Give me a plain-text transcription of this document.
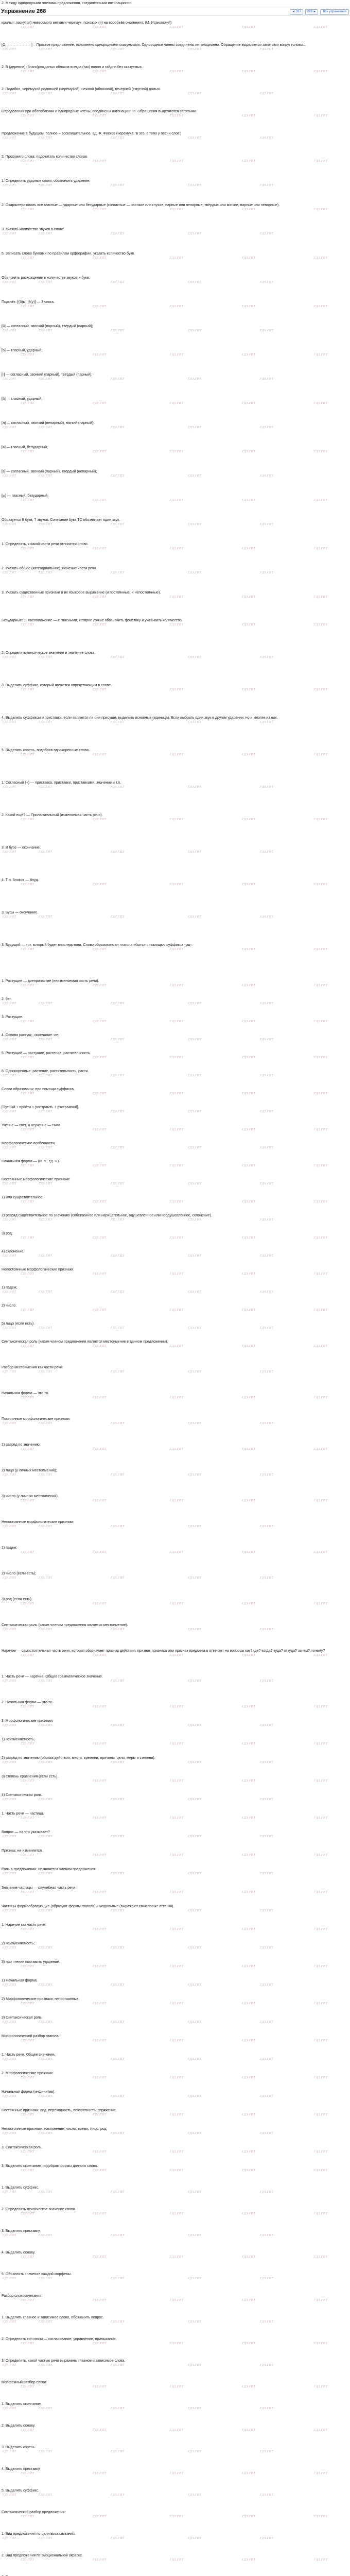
2. Между однородными членами предложения, соединёнными интонационно
Упражнение 268	◄ 267	269 ►	Все упражнения
крылья, ласкутся) невесомого ветками черемух, похожих (я) на воробьёв околениях. (М. Исаковский)
ГДЗ.ГИТ	ГДЗ.ГИТ	ГДЗ.ГИТ	ГДЗ.ГИТ	ГДЗ.ГИТ
[О, – – – – – – – – ] – Простое предложение, осложнено однородными сказуемыми. Однородные члены соединены интонационно. Обращение выделяется запятыми вокруг головы...
ГДЗ.ГИТ	ГДЗ.ГИТ	ГДЗ.ГИТ	ГДЗ.ГИТ
ГДЗ.ГИТ
2. В (деревне) (благо)рожданых облаков всегда (так) полон и гайдни без сказуемых.
ГДЗ.ГИТ	ГДЗ.ГИТ	ГДЗ.ГИТ	ГДЗ.ГИТ	ГДЗ.ГИТ
2. Подобно, черёмухой родившей (черёмухой), нежной (облачной), вечерней (смутной) далью.
ГДЗ.ГИТ	ГДЗ.ГИТ	ГДЗ.ГИТ	ГДЗ.ГИТ
ГДЗ.ГИТ
Определения при обособлении и однородные члены, соединены интонационно. Обращения выделяются запятыми.
ГДЗ.ГИТ	ГДЗ.ГИТ	ГДЗ.ГИТ	ГДЗ.ГИТ	ГДЗ.ГИТ
Предложение в будущем, полное – восклицательное, ед. Ф. Фосков (черёмуха: 'в это, в тело у песни слов')
ГДЗ.ГИТ	ГДЗ.ГИТ	ГДЗ.ГИТ	ГДЗ.ГИТ
ГДЗ.ГИТ
2. Прохожего слова: подсчитать количество слогов.
ГДЗ.ГИТ	ГДЗ.ГИТ	ГДЗ.ГИТ	ГДЗ.ГИТ	ГДЗ.ГИТ
1. Определить ударные слоги, обозначить ударение.
ГДЗ.ГИТ	ГДЗ.ГИТ	ГДЗ.ГИТ	ГДЗ.ГИТ
ГДЗ.ГИТ
2. Охарактеризовать все гласные — ударные или безударные (согласные — звонкие или глухие, парные или непарные; твёрдые или мягкие, парные или непарные).
ГДЗ.ГИТ	ГДЗ.ГИТ	ГДЗ.ГИТ	ГДЗ.ГИТ	ГДЗ.ГИТ
3. Указать количество звуков в слове.
ГДЗ.ГИТ	ГДЗ.ГИТ	ГДЗ.ГИТ	ГДЗ.ГИТ
ГДЗ.ГИТ
5. Записать слова буквами по правилам орфографии, указать количество букв.
ГДЗ.ГИТ	ГДЗ.ГИТ	ГДЗ.ГИТ	ГДЗ.ГИТ	ГДЗ.ГИТ
Объяснить расхождение в количестве звуков и букв.
ГДЗ.ГИТ	ГДЗ.ГИТ	ГДЗ.ГИТ	ГДЗ.ГИТ
ГДЗ.ГИТ
Подсчёт: [(б)ы] [й(у)] — 3 слога.
ГДЗ.ГИТ	ГДЗ.ГИТ	ГДЗ.ГИТ	ГДЗ.ГИТ	ГДЗ.ГИТ
[й] — согласный, звонкий (парный), твёрдый (парный);
ГДЗ.ГИТ	ГДЗ.ГИТ	ГДЗ.ГИТ	ГДЗ.ГИТ
ГДЗ.ГИТ
[о] — гласный, ударный;
ГДЗ.ГИТ	ГДЗ.ГИТ	ГДЗ.ГИТ	ГДЗ.ГИТ	ГДЗ.ГИТ
[г] — согласный, звонкий (парный), твёрдый (парный);
ГДЗ.ГИТ	ГДЗ.ГИТ	ГДЗ.ГИТ	ГДЗ.ГИТ
ГДЗ.ГИТ
[й] — гласный, ударный;
ГДЗ.ГИТ	ГДЗ.ГИТ	ГДЗ.ГИТ	ГДЗ.ГИТ	ГДЗ.ГИТ
[л] — согласный, звонкий (непарный), мягкий (парный);
ГДЗ.ГИТ	ГДЗ.ГИТ	ГДЗ.ГИТ	ГДЗ.ГИТ
ГДЗ.ГИТ
[а] — гласный, безударный;
ГДЗ.ГИТ	ГДЗ.ГИТ	ГДЗ.ГИТ	ГДЗ.ГИТ	ГДЗ.ГИТ
[в] — согласный, звонкий (парный), твёрдый (непарный);
ГДЗ.ГИТ	ГДЗ.ГИТ	ГДЗ.ГИТ	ГДЗ.ГИТ
ГДЗ.ГИТ
[ы] — гласный, безударный.
ГДЗ.ГИТ	ГДЗ.ГИТ	ГДЗ.ГИТ	ГДЗ.ГИТ	ГДЗ.ГИТ
Образуется 8 букв, 7 звуков. Сочетание букв ТС обозначает один звук.
ГДЗ.ГИТ	ГДЗ.ГИТ	ГДЗ.ГИТ	ГДЗ.ГИТ
ГДЗ.ГИТ
1. Определить, к какой части речи относится слово.
ГДЗ.ГИТ	ГДЗ.ГИТ	ГДЗ.ГИТ	ГДЗ.ГИТ	ГДЗ.ГИТ
2. Указать общее (категориальное) значение части речи.
ГДЗ.ГИТ	ГДЗ.ГИТ	ГДЗ.ГИТ	ГДЗ.ГИТ
ГДЗ.ГИТ
3. Указать существенные признаки и их языковое выражение (и постоянные, и непостоянные).
ГДЗ.ГИТ	ГДЗ.ГИТ	ГДЗ.ГИТ	ГДЗ.ГИТ	ГДЗ.ГИТ
Безударные: 1. Расположение — с гласными, которое лучше обозначить фонетику и указывать количество.
ГДЗ.ГИТ	ГДЗ.ГИТ	ГДЗ.ГИТ	ГДЗ.ГИТ	ГДЗ.ГИТ
2. Определить лексическое значение и значение слова.
ГДЗ.ГИТ	ГДЗ.ГИТ	ГДЗ.ГИТ	ГДЗ.ГИТ
ГДЗ.ГИТ
3. Выделить суффикс, который является определяющим в слове.
ГДЗ.ГИТ	ГДЗ.ГИТ	ГДЗ.ГИТ	ГДЗ.ГИТ	ГДЗ.ГИТ
4. Выделить суффиксы и приставки, если являются ли они присущи, выделить основные (единица). Если выбрать один звук в другом ударении, но и многие из них.
ГДЗ.ГИТ	ГДЗ.ГИТ	ГДЗ.ГИТ	ГДЗ.ГИТ
ГДЗ.ГИТ
5. Выделить корень, подобрав однокоренные слова.
ГДЗ.ГИТ	ГДЗ.ГИТ	ГДЗ.ГИТ	ГДЗ.ГИТ	ГДЗ.ГИТ
1. Согласный (+) — приставка, приставки, приставками, значение и т.п.
ГДЗ.ГИТ	ГДЗ.ГИТ	ГДЗ.ГИТ	ГДЗ.ГИТ
ГДЗ.ГИТ
2. Какой ещё? — Прилагательный (изменяемая часть речи).
ГДЗ.ГИТ	ГДЗ.ГИТ	ГДЗ.ГИТ	ГДЗ.ГИТ	ГДЗ.ГИТ
3. В бусе — окончание.
ГДЗ.ГИТ	ГДЗ.ГИТ	ГДЗ.ГИТ	ГДЗ.ГИТ
ГДЗ.ГИТ
4. Т н. блоков — блуд.
ГДЗ.ГИТ	ГДЗ.ГИТ	ГДЗ.ГИТ	ГДЗ.ГИТ	ГДЗ.ГИТ
3. Бусы — окончание.
ГДЗ.ГИТ	ГДЗ.ГИТ	ГДЗ.ГИТ	ГДЗ.ГИТ
ГДЗ.ГИТ
3. Будущий — тот, который будет впоследствии. Слово образовано от глагола «быть» с помощью суффикса -ущ-.
ГДЗ.ГИТ	ГДЗ.ГИТ	ГДЗ.ГИТ	ГДЗ.ГИТ	ГДЗ.ГИТ
1. Растущие — диепричастие (неизменяемая часть речи).
ГДЗ.ГИТ	ГДЗ.ГИТ	ГДЗ.ГИТ	ГДЗ.ГИТ	ГДЗ.ГИТ
2. бег.
ГДЗ.ГИТ	ГДЗ.ГИТ	ГДЗ.ГИТ	ГДЗ.ГИТ
ГДЗ.ГИТ
3. Растущие.
ГДЗ.ГИТ	ГДЗ.ГИТ	ГДЗ.ГИТ	ГДЗ.ГИТ	ГДЗ.ГИТ
4. Основа растущ-, окончание -ие.
ГДЗ.ГИТ	ГДЗ.ГИТ	ГДЗ.ГИТ	ГДЗ.ГИТ
ГДЗ.ГИТ
5. Растущий — растущие, растение, растительность.
ГДЗ.ГИТ	ГДЗ.ГИТ	ГДЗ.ГИТ	ГДЗ.ГИТ	ГДЗ.ГИТ
6. Однокоренные: растение, растительность, расти.
ГДЗ.ГИТ	ГДЗ.ГИТ	ГДЗ.ГИТ	ГДЗ.ГИТ
ГДЗ.ГИТ
Слова образованы: при помощи суффикса.
ГДЗ.ГИТ	ГДЗ.ГИТ	ГДЗ.ГИТ	ГДЗ.ГИТ	ГДЗ.ГИТ
[Путный + прийти + рос'трамть + рястрамвой].
ГДЗ.ГИТ	ГДЗ.ГИТ	ГДЗ.ГИТ	ГДЗ.ГИТ
ГДЗ.ГИТ
Ученье — свет, а неученье — тьма.
ГДЗ.ГИТ	ГДЗ.ГИТ	ГДЗ.ГИТ	ГДЗ.ГИТ	ГДЗ.ГИТ
Морфологические особенности
ГДЗ.ГИТ	ГДЗ.ГИТ	ГДЗ.ГИТ	ГДЗ.ГИТ
ГДЗ.ГИТ
Начальная форма — (И. п., ед. ч.).
ГДЗ.ГИТ	ГДЗ.ГИТ	ГДЗ.ГИТ	ГДЗ.ГИТ	ГДЗ.ГИТ
Постоянные морфологические признаки:
ГДЗ.ГИТ	ГДЗ.ГИТ	ГДЗ.ГИТ	ГДЗ.ГИТ
ГДЗ.ГИТ
1) имя существительное;
ГДЗ.ГИТ	ГДЗ.ГИТ	ГДЗ.ГИТ	ГДЗ.ГИТ	ГДЗ.ГИТ
2) разряд существительное по значению (собственное или нарицательное, одушевлённое или неодушевлённое, склонение).
ГДЗ.ГИТ	ГДЗ.ГИТ	ГДЗ.ГИТ	ГДЗ.ГИТ
ГДЗ.ГИТ
3) род;
ГДЗ.ГИТ	ГДЗ.ГИТ	ГДЗ.ГИТ	ГДЗ.ГИТ	ГДЗ.ГИТ
4) склонение.
ГДЗ.ГИТ	ГДЗ.ГИТ	ГДЗ.ГИТ	ГДЗ.ГИТ
ГДЗ.ГИТ
Непостоянные морфологические признаки:
ГДЗ.ГИТ	ГДЗ.ГИТ	ГДЗ.ГИТ	ГДЗ.ГИТ	ГДЗ.ГИТ
1) падеж;
ГДЗ.ГИТ	ГДЗ.ГИТ	ГДЗ.ГИТ	ГДЗ.ГИТ
ГДЗ.ГИТ
2) число.
ГДЗ.ГИТ	ГДЗ.ГИТ	ГДЗ.ГИТ	ГДЗ.ГИТ	ГДЗ.ГИТ
5) лицо (если есть).
ГДЗ.ГИТ	ГДЗ.ГИТ	ГДЗ.ГИТ	ГДЗ.ГИТ
ГДЗ.ГИТ
Синтаксическая роль (каким членом предложения является местоимение в данном предложении).
ГДЗ.ГИТ	ГДЗ.ГИТ	ГДЗ.ГИТ	ГДЗ.ГИТ	ГДЗ.ГИТ
Разбор местоимения как части речи:
ГДЗ.ГИТ	ГДЗ.ГИТ	ГДЗ.ГИТ	ГДЗ.ГИТ
ГДЗ.ГИТ
Начальная форма — это то.
ГДЗ.ГИТ	ГДЗ.ГИТ	ГДЗ.ГИТ	ГДЗ.ГИТ	ГДЗ.ГИТ
Постоянные морфологические признаки:
ГДЗ.ГИТ	ГДЗ.ГИТ	ГДЗ.ГИТ	ГДЗ.ГИТ
ГДЗ.ГИТ
1) разряд по значению;
ГДЗ.ГИТ	ГДЗ.ГИТ	ГДЗ.ГИТ	ГДЗ.ГИТ	ГДЗ.ГИТ
2) лицо (у личных местоимений);
ГДЗ.ГИТ	ГДЗ.ГИТ	ГДЗ.ГИТ	ГДЗ.ГИТ
ГДЗ.ГИТ
3) число (у личных местоимений).
ГДЗ.ГИТ	ГДЗ.ГИТ	ГДЗ.ГИТ	ГДЗ.ГИТ	ГДЗ.ГИТ
Непостоянные морфологические признаки:
ГДЗ.ГИТ	ГДЗ.ГИТ	ГДЗ.ГИТ	ГДЗ.ГИТ
ГДЗ.ГИТ
1) падеж;
ГДЗ.ГИТ	ГДЗ.ГИТ	ГДЗ.ГИТ	ГДЗ.ГИТ	ГДЗ.ГИТ
2) число (если есть);
ГДЗ.ГИТ	ГДЗ.ГИТ	ГДЗ.ГИТ	ГДЗ.ГИТ
ГДЗ.ГИТ
3) род (если есть).
ГДЗ.ГИТ	ГДЗ.ГИТ	ГДЗ.ГИТ	ГДЗ.ГИТ	ГДЗ.ГИТ
Синтаксическая роль (каким членом предложения является местоимение).
ГДЗ.ГИТ	ГДЗ.ГИТ	ГДЗ.ГИТ	ГДЗ.ГИТ
ГДЗ.ГИТ
Наречие — самостоятельная часть речи, которая обозначает признак действия, признак признака или признак предмета и отвечает на вопросы как? где? когда? куда? откуда? зачем? почему?
ГДЗ.ГИТ	ГДЗ.ГИТ	ГДЗ.ГИТ	ГДЗ.ГИТ	ГДЗ.ГИТ
1. Часть речи — наречие. Общее грамматическое значение.
ГДЗ.ГИТ	ГДЗ.ГИТ	ГДЗ.ГИТ	ГДЗ.ГИТ
ГДЗ.ГИТ
2. Начальная форма — это то.
ГДЗ.ГИТ	ГДЗ.ГИТ	ГДЗ.ГИТ	ГДЗ.ГИТ	ГДЗ.ГИТ
3. Морфологические признаки:
ГДЗ.ГИТ	ГДЗ.ГИТ	ГДЗ.ГИТ	ГДЗ.ГИТ
ГДЗ.ГИТ
1) неизменяемость;
ГДЗ.ГИТ	ГДЗ.ГИТ	ГДЗ.ГИТ	ГДЗ.ГИТ	ГДЗ.ГИТ
2) разряд по значению (образа действия, места, времени, причины, цели, меры и степени).
ГДЗ.ГИТ	ГДЗ.ГИТ	ГДЗ.ГИТ	ГДЗ.ГИТ
ГДЗ.ГИТ
3) степень сравнения (если есть).
ГДЗ.ГИТ	ГДЗ.ГИТ	ГДЗ.ГИТ	ГДЗ.ГИТ	ГДЗ.ГИТ
4) Синтаксическая роль.
ГДЗ.ГИТ	ГДЗ.ГИТ	ГДЗ.ГИТ	ГДЗ.ГИТ
ГДЗ.ГИТ
1. Часть речи — частица.
ГДЗ.ГИТ	ГДЗ.ГИТ	ГДЗ.ГИТ	ГДЗ.ГИТ	ГДЗ.ГИТ
Вопрос — на что указывает?
ГДЗ.ГИТ	ГДЗ.ГИТ	ГДЗ.ГИТ	ГДЗ.ГИТ
ГДЗ.ГИТ
Признак: не изменяется.
ГДЗ.ГИТ	ГДЗ.ГИТ	ГДЗ.ГИТ	ГДЗ.ГИТ	ГДЗ.ГИТ
Роль в предложении: не является членом предложения.
ГДЗ.ГИТ	ГДЗ.ГИТ	ГДЗ.ГИТ	ГДЗ.ГИТ
ГДЗ.ГИТ
Значение частицы — служебная часть речи.
ГДЗ.ГИТ	ГДЗ.ГИТ	ГДЗ.ГИТ	ГДЗ.ГИТ	ГДЗ.ГИТ
Частицы формообразующие (образуют формы глагола) и модальные (выражают смысловые оттенки).
ГДЗ.ГИТ	ГДЗ.ГИТ	ГДЗ.ГИТ	ГДЗ.ГИТ
ГДЗ.ГИТ
1. Наречие как часть речи:
ГДЗ.ГИТ	ГДЗ.ГИТ	ГДЗ.ГИТ	ГДЗ.ГИТ	ГДЗ.ГИТ
2) неизменяемость;
ГДЗ.ГИТ	ГДЗ.ГИТ	ГДЗ.ГИТ	ГДЗ.ГИТ
ГДЗ.ГИТ
3) при чтении поставить ударение.
ГДЗ.ГИТ	ГДЗ.ГИТ	ГДЗ.ГИТ	ГДЗ.ГИТ	ГДЗ.ГИТ
1) Начальная форма.
ГДЗ.ГИТ	ГДЗ.ГИТ	ГДЗ.ГИТ	ГДЗ.ГИТ
ГДЗ.ГИТ
2) Морфологические признаки: непостоянные.
ГДЗ.ГИТ	ГДЗ.ГИТ	ГДЗ.ГИТ	ГДЗ.ГИТ	ГДЗ.ГИТ
3) Синтаксическая роль.
ГДЗ.ГИТ	ГДЗ.ГИТ	ГДЗ.ГИТ	ГДЗ.ГИТ
ГДЗ.ГИТ
Морфологический разбор глагола:
ГДЗ.ГИТ	ГДЗ.ГИТ	ГДЗ.ГИТ	ГДЗ.ГИТ	ГДЗ.ГИТ
1. Часть речи. Общее значение.
ГДЗ.ГИТ	ГДЗ.ГИТ	ГДЗ.ГИТ	ГДЗ.ГИТ
ГДЗ.ГИТ
2. Морфологические признаки:
ГДЗ.ГИТ	ГДЗ.ГИТ	ГДЗ.ГИТ	ГДЗ.ГИТ	ГДЗ.ГИТ
Начальная форма (инфинитив).
ГДЗ.ГИТ	ГДЗ.ГИТ	ГДЗ.ГИТ	ГДЗ.ГИТ
ГДЗ.ГИТ
Постоянные признаки: вид, переходность, возвратность, спряжение.
ГДЗ.ГИТ	ГДЗ.ГИТ	ГДЗ.ГИТ	ГДЗ.ГИТ	ГДЗ.ГИТ
Непостоянные признаки: наклонение, число, время, лицо, род.
ГДЗ.ГИТ	ГДЗ.ГИТ	ГДЗ.ГИТ	ГДЗ.ГИТ
ГДЗ.ГИТ
3. Синтаксическая роль.
ГДЗ.ГИТ	ГДЗ.ГИТ	ГДЗ.ГИТ	ГДЗ.ГИТ	ГДЗ.ГИТ
3. Выделить окончание, подобрав формы данного слова.
ГДЗ.ГИТ	ГДЗ.ГИТ	ГДЗ.ГИТ	ГДЗ.ГИТ	ГДЗ.ГИТ
1. Выделить суффикс.
ГДЗ.ГИТ	ГДЗ.ГИТ	ГДЗ.ГИТ	ГДЗ.ГИТ
ГДЗ.ГИТ
2. Определить лексическое значение слова.
ГДЗ.ГИТ	ГДЗ.ГИТ	ГДЗ.ГИТ	ГДЗ.ГИТ	ГДЗ.ГИТ
3. Выделить приставку.
ГДЗ.ГИТ	ГДЗ.ГИТ	ГДЗ.ГИТ	ГДЗ.ГИТ
ГДЗ.ГИТ
4. Выделить основу.
ГДЗ.ГИТ	ГДЗ.ГИТ	ГДЗ.ГИТ	ГДЗ.ГИТ	ГДЗ.ГИТ
5. Объяснить значение каждой морфемы.
ГДЗ.ГИТ	ГДЗ.ГИТ	ГДЗ.ГИТ	ГДЗ.ГИТ
ГДЗ.ГИТ
Разбор словосочетания:
ГДЗ.ГИТ	ГДЗ.ГИТ	ГДЗ.ГИТ	ГДЗ.ГИТ	ГДЗ.ГИТ
1. Выделить главное и зависимое слово, обозначить вопрос.
ГДЗ.ГИТ	ГДЗ.ГИТ	ГДЗ.ГИТ	ГДЗ.ГИТ
ГДЗ.ГИТ
2. Определить тип связи — согласование, управление, примыкание.
ГДЗ.ГИТ	ГДЗ.ГИТ	ГДЗ.ГИТ	ГДЗ.ГИТ	ГДЗ.ГИТ
3. Определить, какой частью речи выражены главное и зависимое слова.
ГДЗ.ГИТ	ГДЗ.ГИТ	ГДЗ.ГИТ	ГДЗ.ГИТ
ГДЗ.ГИТ
Морфемный разбор слова:
ГДЗ.ГИТ	ГДЗ.ГИТ	ГДЗ.ГИТ	ГДЗ.ГИТ	ГДЗ.ГИТ
1. Выделить окончание.
ГДЗ.ГИТ	ГДЗ.ГИТ	ГДЗ.ГИТ	ГДЗ.ГИТ
ГДЗ.ГИТ
2. Выделить основу.
ГДЗ.ГИТ	ГДЗ.ГИТ	ГДЗ.ГИТ	ГДЗ.ГИТ	ГДЗ.ГИТ
3. Выделить корень.
ГДЗ.ГИТ	ГДЗ.ГИТ	ГДЗ.ГИТ	ГДЗ.ГИТ
ГДЗ.ГИТ
4. Выделить приставку.
ГДЗ.ГИТ	ГДЗ.ГИТ	ГДЗ.ГИТ	ГДЗ.ГИТ	ГДЗ.ГИТ
5. Выделить суффикс.
ГДЗ.ГИТ	ГДЗ.ГИТ	ГДЗ.ГИТ	ГДЗ.ГИТ
ГДЗ.ГИТ
Синтаксический разбор предложения:
ГДЗ.ГИТ	ГДЗ.ГИТ	ГДЗ.ГИТ	ГДЗ.ГИТ	ГДЗ.ГИТ
1. Вид предложения по цели высказывания.
ГДЗ.ГИТ	ГДЗ.ГИТ	ГДЗ.ГИТ	ГДЗ.ГИТ
ГДЗ.ГИТ
2. Вид предложения по эмоциональной окраске.
ГДЗ.ГИТ	ГДЗ.ГИТ	ГДЗ.ГИТ	ГДЗ.ГИТ	ГДЗ.ГИТ
